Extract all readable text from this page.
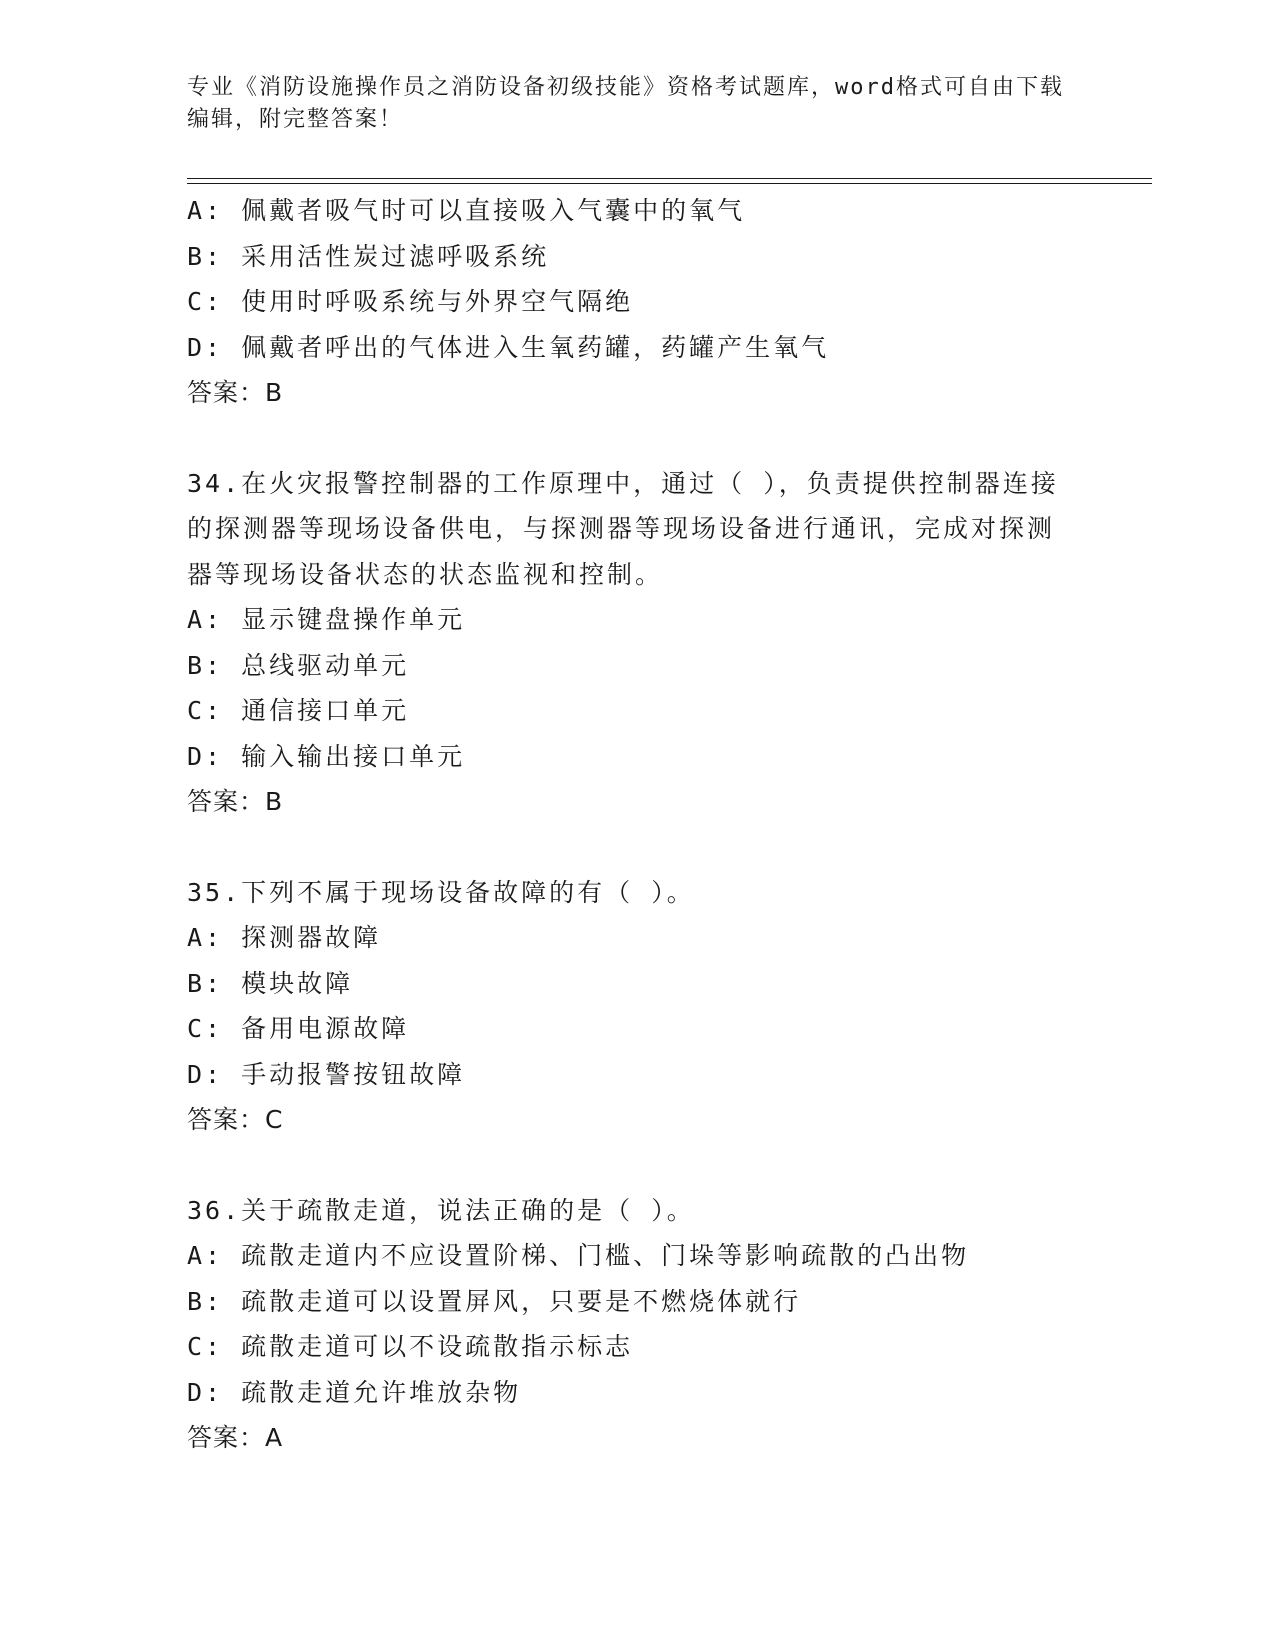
专业《消防设施操作员之消防设备初级技能》资格考试题库，word格式可自由下载编辑，附完整答案！
A: 佩戴者吸气时可以直接吸入气囊中的氧气
B: 采用活性炭过滤呼吸系统
C: 使用时呼吸系统与外界空气隔绝
D: 佩戴者呼出的气体进入生氧药罐，药罐产生氧气
答案：B
34.在火灾报警控制器的工作原理中，通过（ ），负责提供控制器连接的探测器等现场设备供电，与探测器等现场设备进行通讯，完成对探测器等现场设备状态的状态监视和控制。
A: 显示键盘操作单元
B: 总线驱动单元
C: 通信接口单元
D: 输入输出接口单元
答案：B
35.下列不属于现场设备故障的有（ ）。
A: 探测器故障
B: 模块故障
C: 备用电源故障
D: 手动报警按钮故障
答案：C
36.关于疏散走道，说法正确的是（ ）。
A: 疏散走道内不应设置阶梯、门槛、门垛等影响疏散的凸出物
B: 疏散走道可以设置屏风，只要是不燃烧体就行
C: 疏散走道可以不设疏散指示标志
D: 疏散走道允许堆放杂物
答案：A
